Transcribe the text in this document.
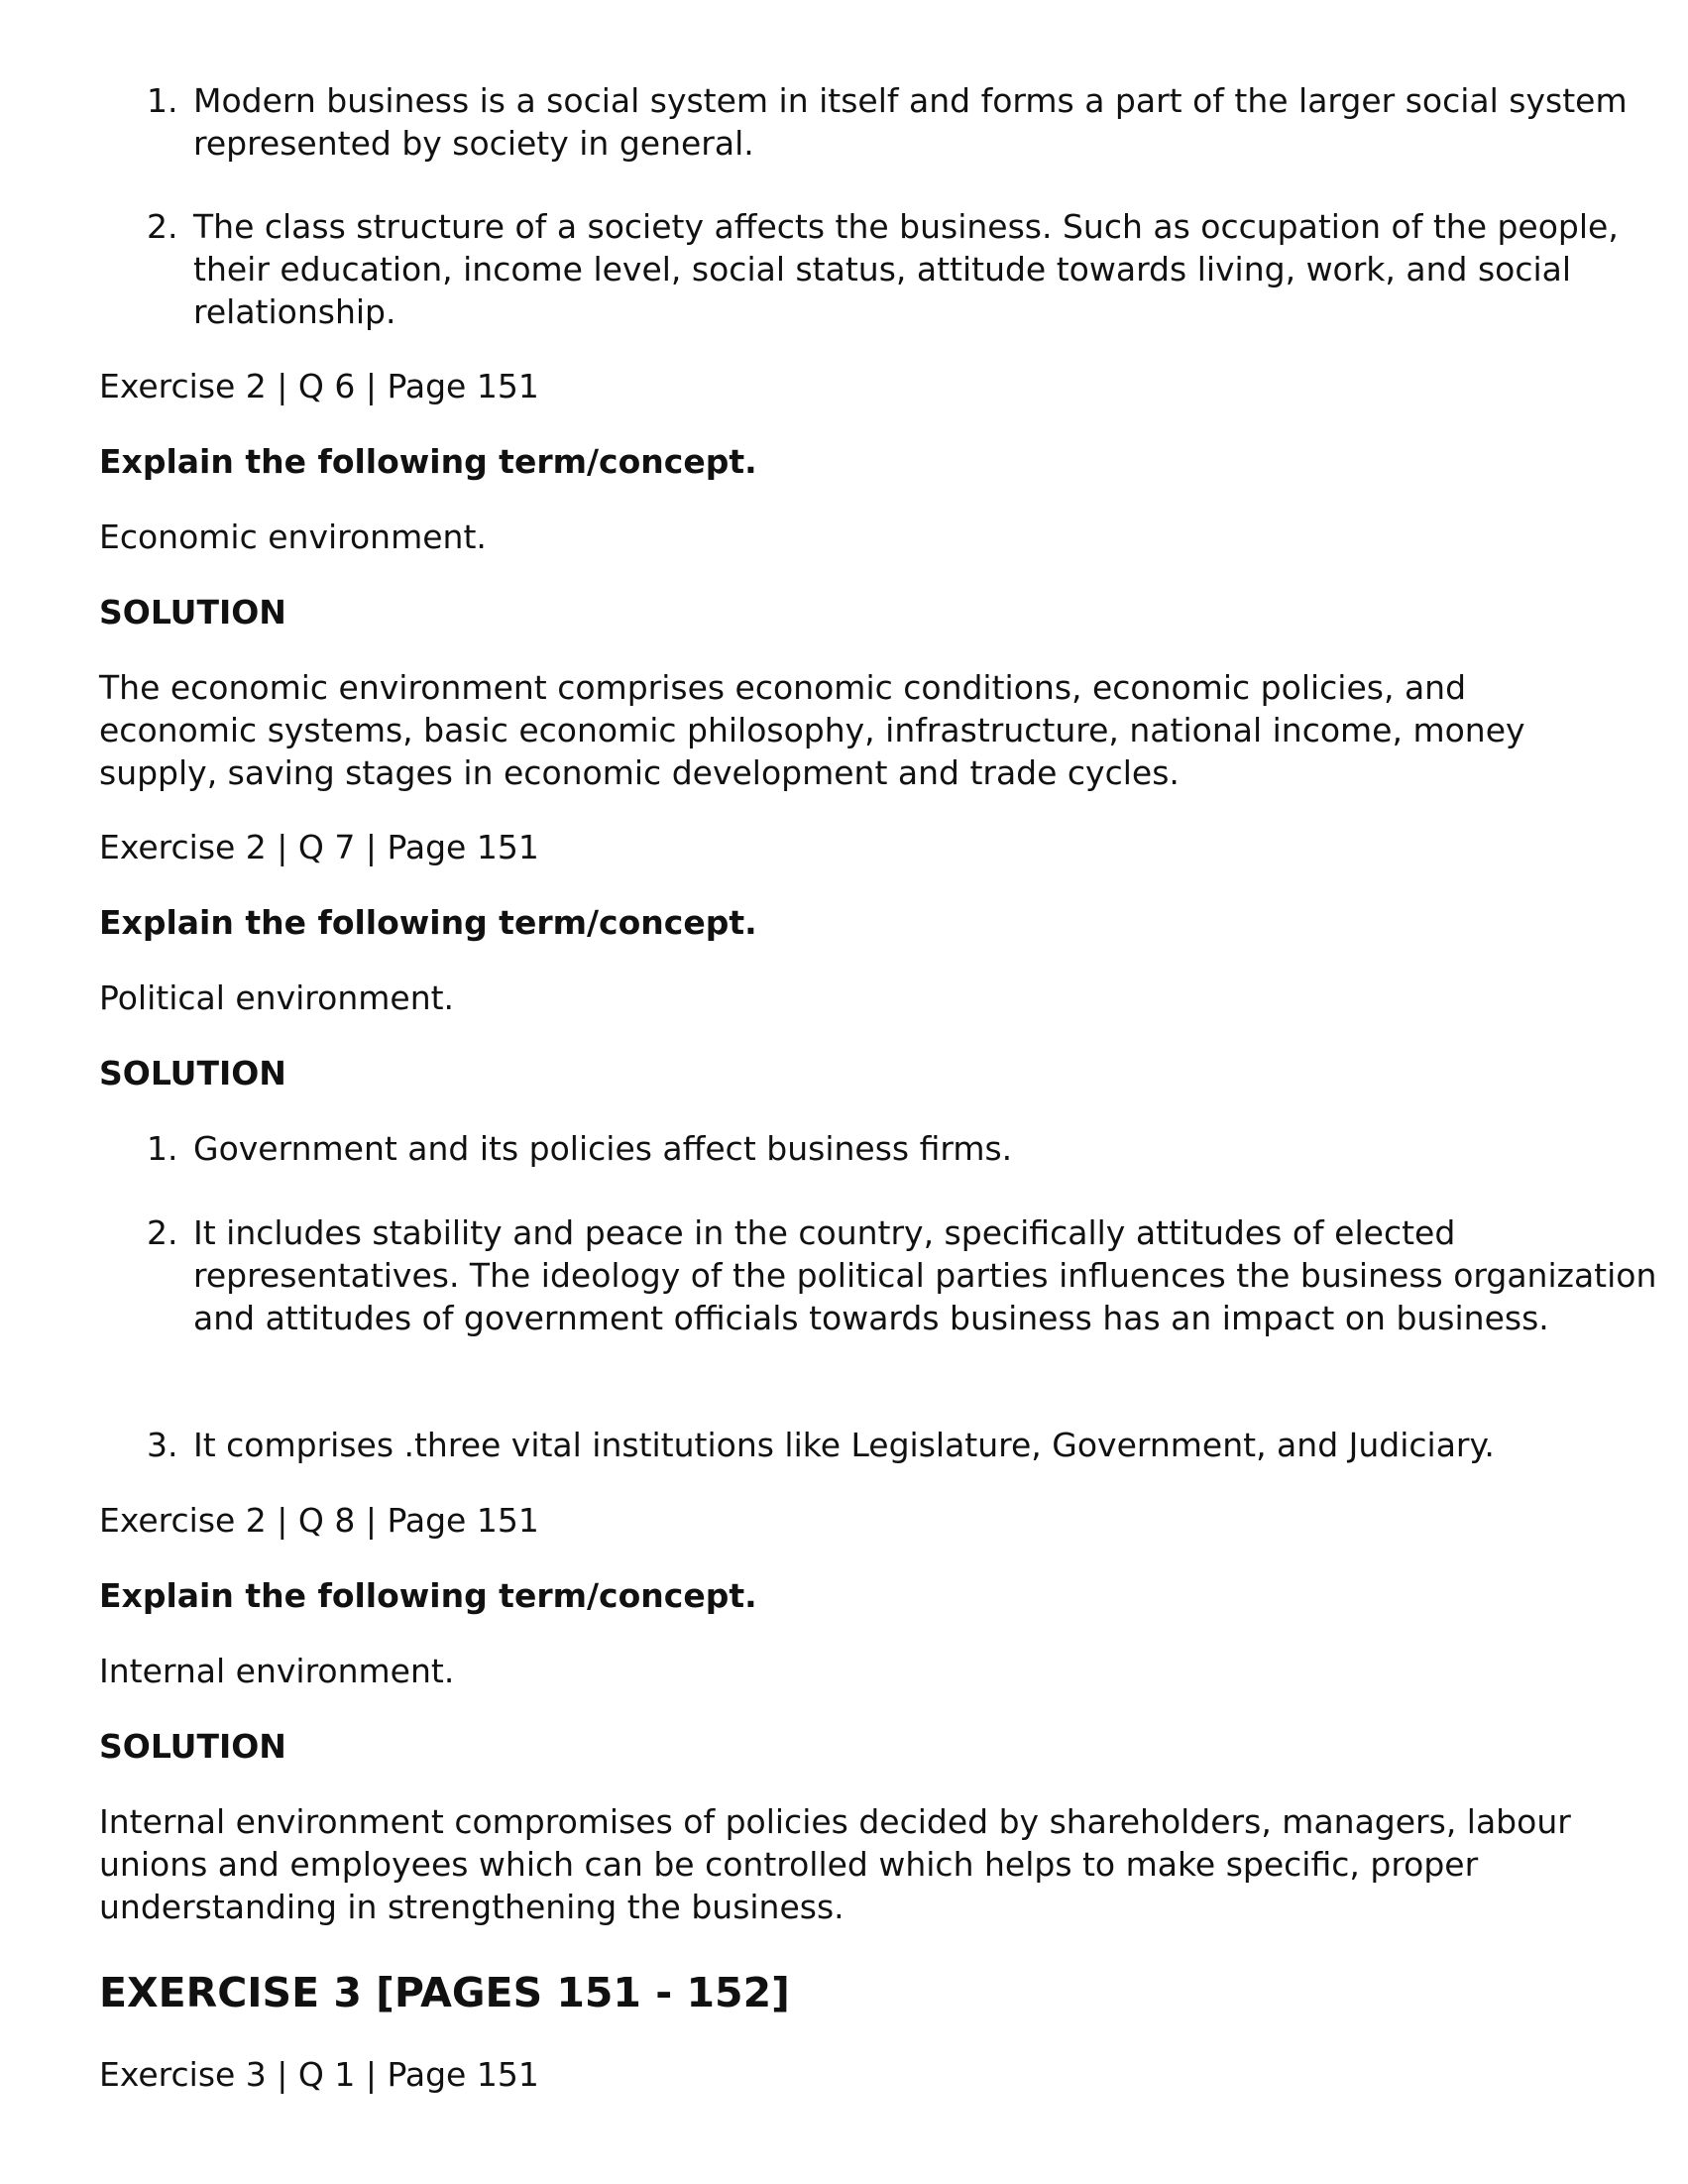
1. Modern business is a social system in itself and forms a part of the larger social system represented by society in general.
2. The class structure of a society affects the business. Such as occupation of the people, their education, income level, social status, attitude towards living, work, and social relationship.

Exercise 2 | Q 6 | Page 151

Explain the following term/concept.

Economic environment.

SOLUTION

The economic environment comprises economic conditions, economic policies, and economic systems, basic economic philosophy, infrastructure, national income, money supply, saving stages in economic development and trade cycles.

Exercise 2 | Q 7 | Page 151

Explain the following term/concept.

Political environment.

SOLUTION

1. Government and its policies affect business firms.
2. It includes stability and peace in the country, specifically attitudes of elected representatives. The ideology of the political parties influences the business organization and attitudes of government officials towards business has an impact on business.
3. It comprises .three vital institutions like Legislature, Government, and Judiciary.

Exercise 2 | Q 8 | Page 151

Explain the following term/concept.

Internal environment.

SOLUTION

Internal environment compromises of policies decided by shareholders, managers, labour unions and employees which can be controlled which helps to make specific, proper understanding in strengthening the business.

EXERCISE 3 [PAGES 151 - 152]

Exercise 3 | Q 1 | Page 151
